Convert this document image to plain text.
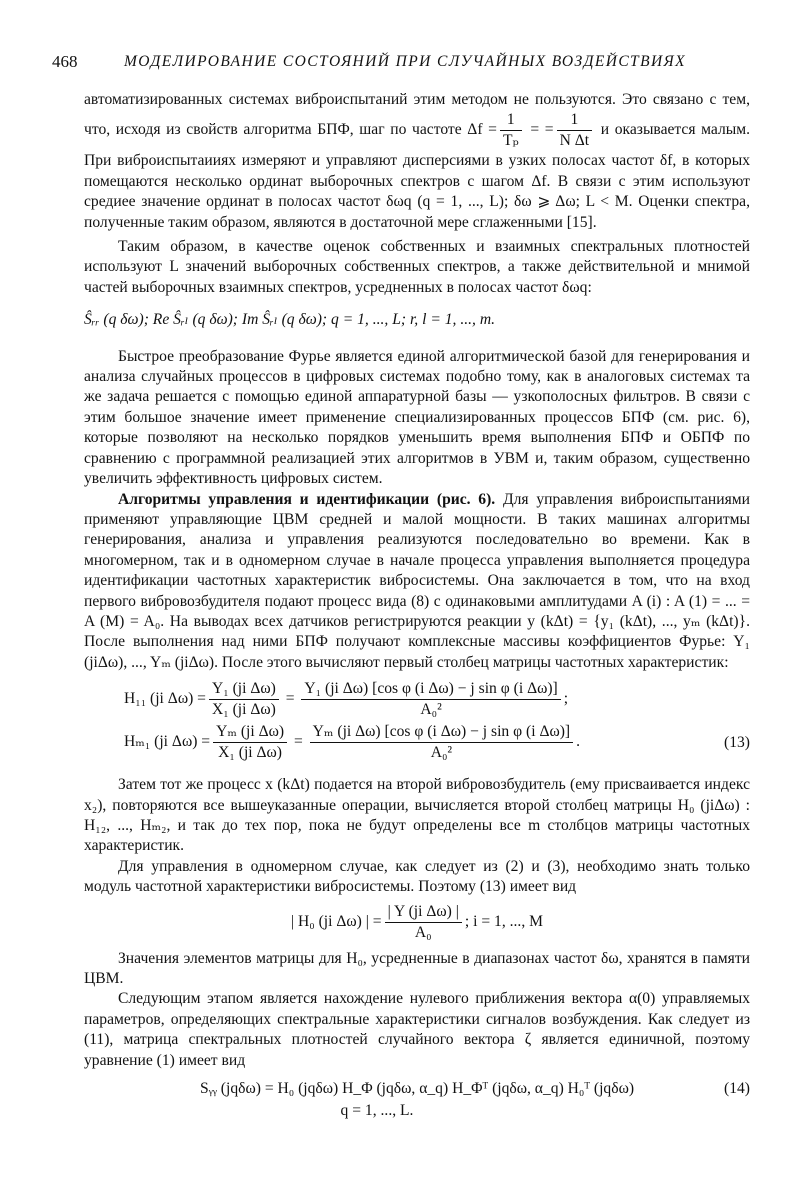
468	МОДЕЛИРОВАНИЕ СОСТОЯНИЙ ПРИ СЛУЧАЙНЫХ ВОЗДЕЙСТВИЯХ

автоматизированных системах виброиспытаний этим методом не пользуются. Это связано с тем, что, исходя из свойств алгоритма БПФ, шаг по частоте $\Delta f = \frac{1}{\text{Tₚ}}$ = = $\frac{1}{\text{N Δt}}$ и оказывается малым. При виброиспытаииях измеряют и управляют дисперсиями в узких полосах частот δf, в которых помещаются несколько ординат выборочных спектров с шагом Δf. В связи с этим используют средиее значение ординат в полосах частот δωq (q = 1, ..., L); δω ⩾ Δω; L < M. Оценки спектра, полученные таким образом, являются в достаточной мере сглаженными [15].

Таким образом, в качестве оценок собственных и взаимных спектральных плотностей используют L значений выборочных собственных спектров, а также действительной и мнимой частей выборочных взаимных спектров, усредненных в полосах частот δωq:

Ŝᵣᵣ (q δω); Re Ŝᵣₗ (q δω); Im Ŝᵣₗ (q δω); q = 1, ..., L; r, l = 1, ..., m.

Быстрое преобразование Фурье является единой алгоритмической базой для генерирования и анализа случайных процессов в цифровых системах подобно тому, как в аналоговых системах та же задача решается с помощью единой аппаратурной базы — узкополосных фильтров. В связи с этим большое значение имеет применение специализированных процессов БПФ (см. рис. 6), которые позволяют на несколько порядков уменьшить время выполнения БПФ и ОБПФ по сравнению с программной реализацией этих алгоритмов в УВМ и, таким образом, существенно увеличить эффективность цифровых систем.

Алгоритмы управления и идентификации (рис. 6). Для управления виброиспытаниями применяют управляющие ЦВМ средней и малой мощности. В таких машинах алгоритмы генерирования, анализа и управления реализуются последовательно во времени. Как в многомерном, так и в одномерном случае в начале процесса управления выполняется процедура идентификации частотных характеристик вибросистемы. Она заключается в том, что на вход первого вибровозбудителя подают процесс вида (8) с одинаковыми амплитудами A (i) : A (1) = ... = A (M) = A₀. На выводах всех датчиков регистрируются реакции y (kΔt) = {y₁ (kΔt), ..., yₘ (kΔt)}. После выполнения над ними БПФ получают комплексные массивы коэффициентов Фурье: Y₁ (jiΔω), ..., Yₘ (jiΔω). После этого вычисляют первый столбец матрицы частотных характеристик:

H₁₁ (ji $\Delta\omega) = \frac{\text{Y₁ (ji Δω)}}{\text{X₁ (ji Δω)}} = \frac{\text{Y₁ (ji Δω) [cos φ (i Δω) − j sin φ (i Δω)]}}{\text{A₀²}}$ ;
Hₘ₁ (ji $\Delta\omega) = \frac{\text{Yₘ (ji Δω)}}{\text{X₁ (ji Δω)}} = \frac{\text{Yₘ (ji Δω) [cos φ (i Δω) − j sin φ (i Δω)]}}{\text{A₀²}}$ .	(13)

Затем тот же процесс x (kΔt) подается на второй вибровозбудитель (ему присваивается индекс x₂), повторяются все вышеуказанные операции, вычисляется второй столбец матрицы H₀ (jiΔω) : H₁₂, ..., Hₘ₂, и так до тех пор, пока не будут определены все m столбцов матрицы частотных характеристик.

Для управления в одномерном случае, как следует из (2) и (3), необходимо знать только модуль частотной характеристики вибросистемы. Поэтому (13) имеет вид

| H₀ (ji Δω) | = $\frac{\text{| Y (ji Δω) |}}{\text{A₀}}$ ; i = 1, ..., M

Значения элементов матрицы для H₀, усредненные в диапазонах частот δω, хранятся в памяти ЦВМ.

Следующим этапом является нахождение нулевого приближения вектора α(0) управляемых параметров, определяющих спектральные характеристики сигналов возбуждения. Как следует из (11), матрица спектральных плотностей случайного вектора ζ является единичной, поэтому уравнение (1) имеет вид

Sᵧᵧ (jqδω) = H₀ (jqδω) H_Φ (jqδω, α_q) H_Φᵀ (jqδω, α_q) H₀ᵀ (jqδω)	(14)

q = 1, ..., L.
